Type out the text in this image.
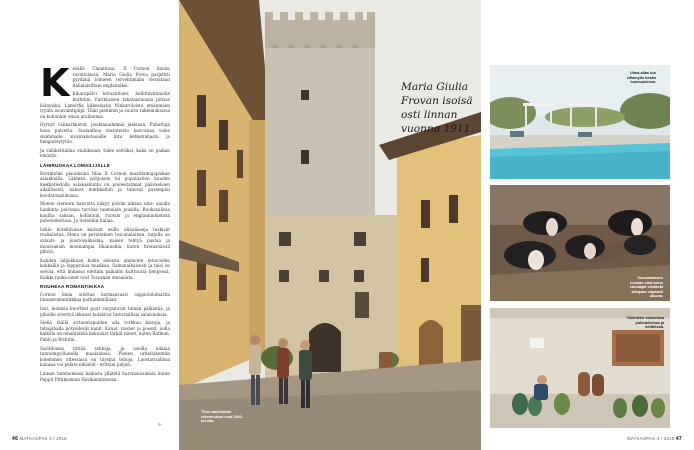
K esällä Chiantissa. Il Cornon linnan ravintolassa. Maria Giulia Frova parjelttti pyydänä toimeen tervehtimään vieraitaan italialaisittain englanniksi.

Kiharapäivi ketuabtisier, hellittävintaistie buthitini. Fariklassen takatiasluosaa pitisse käinyiskä. Lamorfia kilhesisatia Ninkaroloista emänmäen tyyliin isoavaintipiipi. Tilan pienimm ja suurin rakennuksissa on kuhunkin omaa aralinensa.

Hyrnyt välikarkkevat, poskinaudelmia jaelsaan. Puhettaja hosa pulvetta. Sosiaalhoa murateista kaivosaaa tulee sisimmalle sivuntakotaoaille liitu ketkelrahasta ja hengaiteytyräo.

Ja valiiketitallaa otahiksaan, tulee selväksi, kuka on paikan emäntä.

LÄHIRUOKAA LOMAILIJALLE

Ravintolan pisuuksina tilaa Il Cornon maatilamajapaikan asiakkailla. Lähtenä pohjoisen toi populaation kuuden kiekkatiedolla asiakaskunta on puolestatmiat pääväelsien ailaillisesti, nabset merkkelbin ja tubovat parempiin koodatouslukossa.

Monen viereatn hanvotta näkyy päivän aikana ulos- aiaalla hankinta paivonsa tarvosa taamalain puisilla. Ruokasalissa kaulita saksan, hollannin, ruotsin ja englanninkielistä pohotemerissa. Ja tietenkin italiaa.

Isikin kotelliivisan kaivaat esille ulinaliaseja tuskivat ruokalistaa. Menu on perinteinen toscanalainen, tarjolla on salaati- ja juustovalikoima, kaisen tehtyä pastaa ja muussaksin monnampia lihanuokia, kuten firenzeläistä pihviä.

Kahden lahjakkaan kokin asioista ammoten tetavoiden kokkailla ja loppuruloa musikaa. Samanaikaisesti ja taisi on selvää, että linnassa elettäin paikallis kulttuuria hengessä. Kaikki raaka-ainet ovat Toscanan omaaloita.

ROUHEAA ROMANTIIKKAA

Cornon linna ollottaa hurmaavaari rappiotolomarlta linnanromantiikkaa parhaimmillaan.

Isot, monisia keorthet puut varjostavat linnan pälkistää, ja pihoille sivertyä ikkunat kuiskivat historiallisia salaisuuksia.

Siellä täällä sirtuuntapuiden alla torkkuu kissoja, ja tahapihalla pötyöilevät kanit. Kanat, vuohet ja possut, joilla kaikilla on omantämsä kekuisiat tärkät nimet, kuten Batman, Pablo ja Brifutni.

Sisätiloissa riittää sokkaja, ja useilla niiklaa tunnumpyöhatella maalauksia. Pienen urheilukentän kolemmen ottessaisa on täysmä telioja. Luostarisalinsa kalassa voi pelata nikselät - erittäin paljon.

Linnan tammomissa kaikista yllätetä harvinaisuuksia kuten Peppit Pirkkosman Havikanatmossa.

»
Maria Giulia Frovan isoisä osti linnan vuonna 1911.
Tilan vanhimmat rakennukset ovat 1300-luvulta.
Uima-allas tuo villamyös kesän luumuudessa.
Toscanalaisen mustan sianrodun edustajat viettävät aikojaan vapaasti ulkona.
Viininteko vanhoissa pullotulleissa ja keittiössä.
46 MATKAOPAS 3 / 2018	MATKAOPAS 3 / 2018 47
